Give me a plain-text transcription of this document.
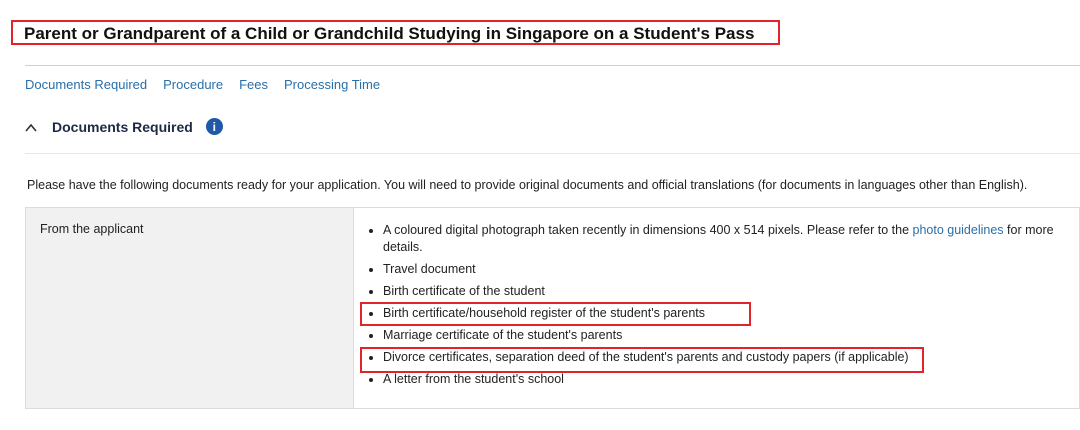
Parent or Grandparent of a Child or Grandchild Studying in Singapore on a Student's Pass
Documents Required Procedure Fees Processing Time
Documents Required	i
Please have the following documents ready for your application. You will need to provide original documents and official translations (for documents in languages other than English).
From the applicant	A coloured digital photograph taken recently in dimensions 400 x 514 pixels. Please refer to the photo guidelines for more details.
Travel document
Birth certificate of the student
Birth certificate/household register of the student's parents
Marriage certificate of the student's parents
Divorce certificates, separation deed of the student's parents and custody papers (if applicable)
A letter from the student's school
